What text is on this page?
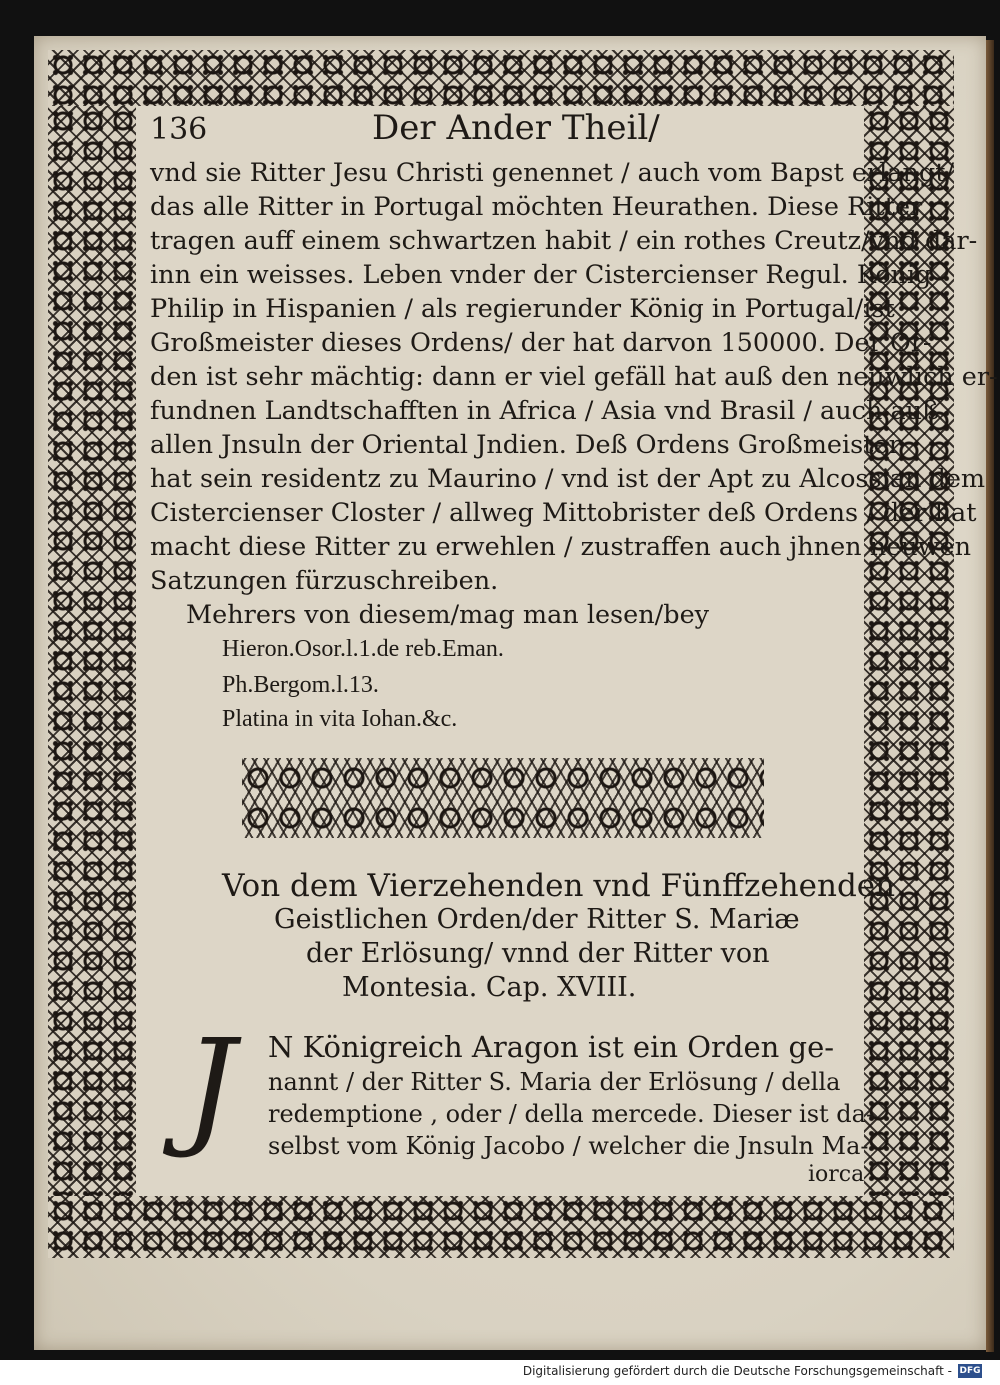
136	Der Ander Theil/
vnd sie Ritter Jesu Christi genennet / auch vom Bapst erlangt/
das alle Ritter in Portugal möchten Heurathen. Diese Ritter
tragen auff einem schwartzen habit / ein rothes Creutz/vnd dar-
inn ein weisses. Leben vnder der Cistercienser Regul. König
Philip in Hispanien / als regierunder König in Portugal/ist
Großmeister dieses Ordens/ der hat darvon 150000. Der Or-
den ist sehr mächtig: dann er viel gefäll hat auß den neuwlich er-
fundnen Landtschafften in Africa / Asia vnd Brasil / auch auß
allen Jnsuln der Oriental Jndien. Deß Ordens Großmeister
hat sein residentz zu Maurino / vnd ist der Apt zu Alcossian dem
Cistercienser Closter / allweg Mittobrister deß Ordens / der hat
macht diese Ritter zu erwehlen / zustraffen auch jhnen neuwen
Satzungen fürzuschreiben.
Mehrers von diesem/mag man lesen/bey
Hieron.Osor.l.1.de reb.Eman.
Ph.Bergom.l.13.
Platina in vita Iohan.&c.
Von dem Vierzehenden vnd Fünffzehenden
Geistlichen Orden/der Ritter S. Mariæ
der Erlösung/ vnnd der Ritter von
Montesia. Cap. XVIII.
J	N Königreich Aragon ist ein Orden ge-
nannt / der Ritter S. Maria der Erlösung / della
redemptione , oder / della mercede. Dieser ist da-
selbst vom König Jacobo / welcher die Jnsuln Ma-
iorca
Digitalisierung gefördert durch die Deutsche Forschungsgemeinschaft - DFG
